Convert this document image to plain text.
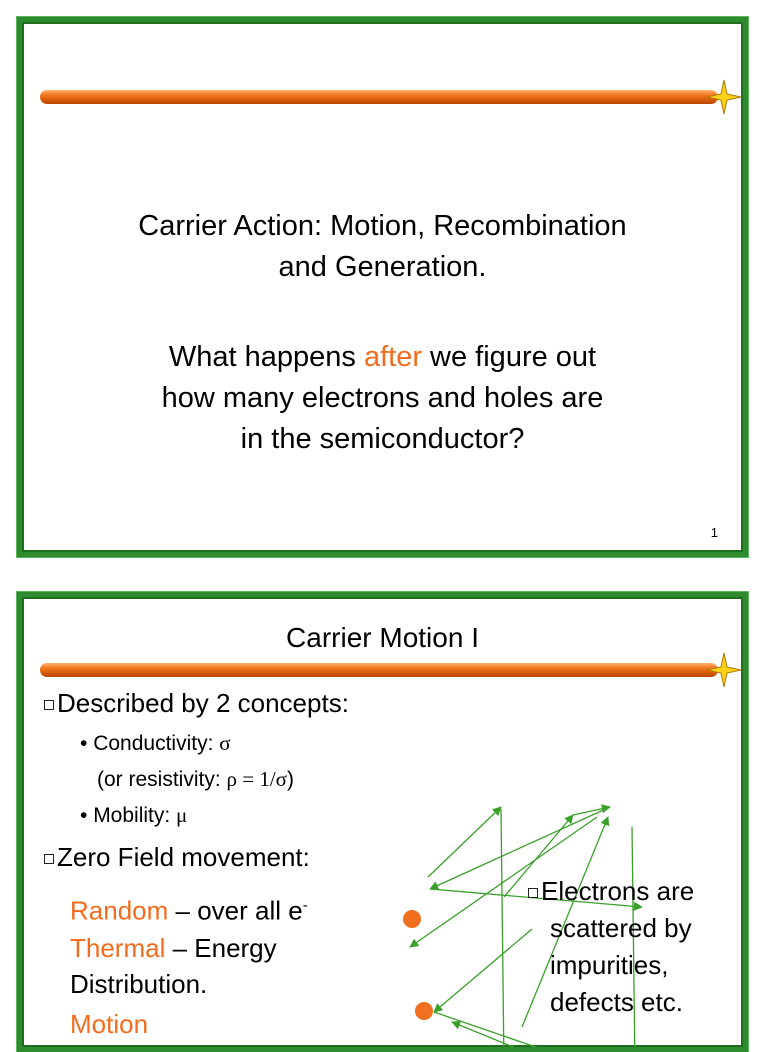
Carrier Action: Motion, Recombination
and Generation.
What happens after we figure out
how many electrons and holes are
in the semiconductor?
1
Carrier Motion I
Described by 2 concepts:
• Conductivity: σ
(or resistivity: ρ = 1/σ)
• Mobility: μ
Zero Field movement:
Random – over all e-
Thermal – Energy
Distribution.
Motion
Electrons are
scattered by
impurities,
defects etc.
